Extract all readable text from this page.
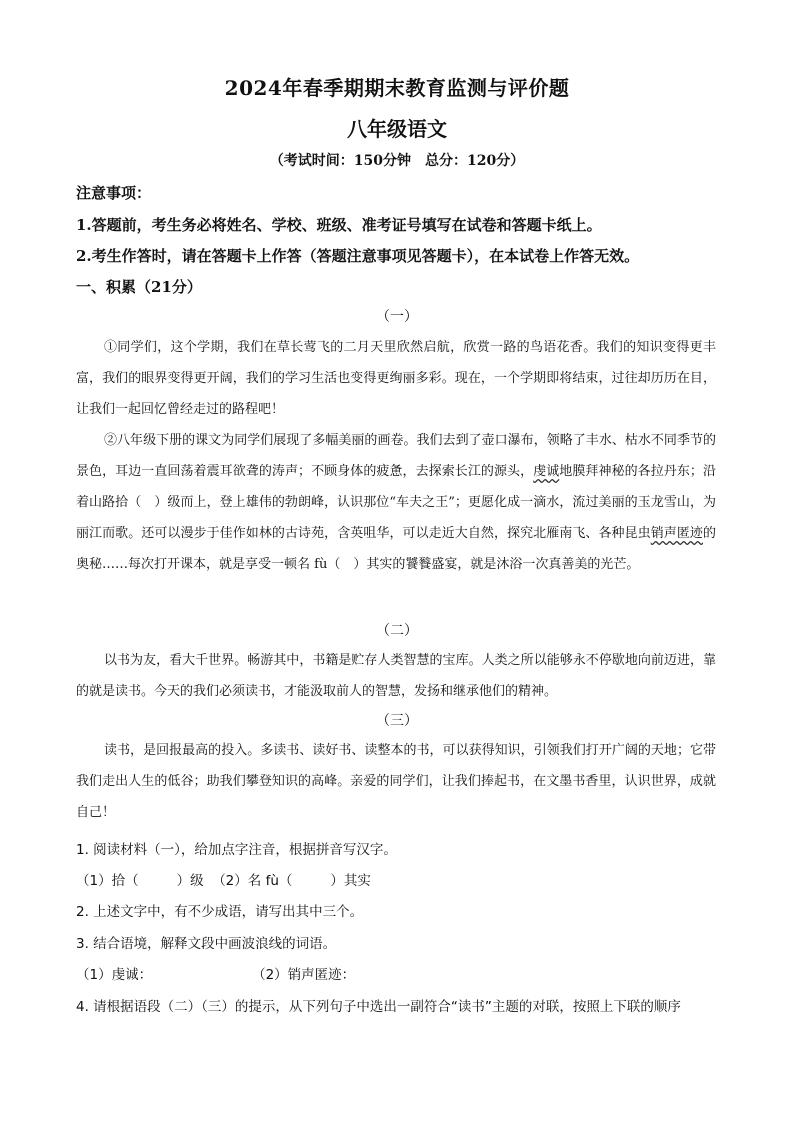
2024年春季期期末教育监测与评价题
八年级语文
（考试时间：150分钟　总分：120分）
注意事项：
1.答题前，考生务必将姓名、学校、班级、准考证号填写在试卷和答题卡纸上。
2.考生作答时，请在答题卡上作答（答题注意事项见答题卡），在本试卷上作答无效。
一、积累（21分）
（一）

①同学们，这个学期，我们在草长莺飞的二月天里欣然启航，欣赏一路的鸟语花香。我们的知识变得更丰富，我们的眼界变得更开阔，我们的学习生活也变得更绚丽多彩。现在，一个学期即将结束，过往却历历在目，让我们一起回忆曾经走过的路程吧！

②八年级下册的课文为同学们展现了多幅美丽的画卷。我们去到了壶口瀑布，领略了丰水、枯水不同季节的景色，耳边一直回荡着震耳欲聋的涛声；不顾身体的疲惫，去探索长江的源头，虔诚地膜拜神秘的各拉丹东；沿着山路拾（　）级而上，登上雄伟的勃朗峰，认识那位“车夫之王”；更愿化成一滴水，流过美丽的玉龙雪山，为丽江而歌。还可以漫步于佳作如林的古诗苑，含英咀华，可以走近大自然，探究北雁南飞、各种昆虫销声匿迹的奥秘……每次打开课本，就是享受一顿名 fù（　）其实的饕餮盛宴，就是沐浴一次真善美的光芒。

（二）

以书为友，看大千世界。畅游其中，书籍是贮存人类智慧的宝库。人类之所以能够永不停歇地向前迈进，靠的就是读书。今天的我们必须读书，才能汲取前人的智慧，发扬和继承他们的精神。

（三）

读书，是回报最高的投入。多读书、读好书、读整本的书，可以获得知识，引领我们打开广阔的天地；它带我们走出人生的低谷；助我们攀登知识的高峰。亲爱的同学们，让我们捧起书，在文墨书香里，认识世界，成就自己！

1. 阅读材料（一），给加点字注音，根据拼音写汉字。
（1）拾（	）级 （2）名 fù（	）其实
2. 上述文字中，有不少成语，请写出其中三个。
3. 结合语境，解释文段中画波浪线的词语。
（1）虔诚：	（2）销声匿迹：
4. 请根据语段（二）（三）的提示，从下列句子中选出一副符合“读书”主题的对联，按照上下联的顺序
